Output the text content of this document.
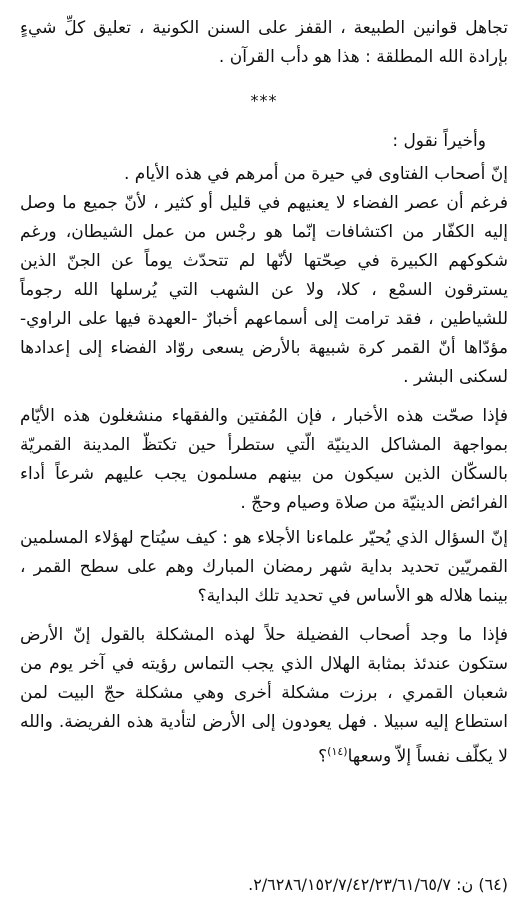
تجاهل قوانين الطبيعة ، القفز على السنن الكونية ، تعليق كلِّ شيءٍ بإرادة الله المطلقة : هذا هو دأب القرآن .

***

وأخيراً نقول :

إنّ أصحاب الفتاوى في حيرة من أمرهم في هذه الأيام .

فرغم أن عصر الفضاء لا يعنيهم في قليل أو كثير ، لأنّ جميع ما وصل إليه الكفّار من اكتشافات إنّما هو رجْس من عمل الشيطان، ورغم شكوكهم الكبيرة في صِحّتها لأنّها لم تتحدّث يوماً عن الجنّ الذين يسترقون السمْع ، كلا، ولا عن الشهب التي يُرسلها الله رجوماً للشياطين ، فقد ترامت إلى أسماعهم أخبارٌ -العهدة فيها على الراوي- مؤدّاها أنّ القمر كرة شبيهة بالأرض يسعى روّاد الفضاء إلى إعدادها لسكنى البشر .

فإذا صحّت هذه الأخبار ، فإن المُفتين والفقهاء منشغلون هذه الأيّام بمواجهة المشاكل الدينيّة الّتي ستطرأ حين تكتظّ المدينة القمريّة بالسكّان الذين سيكون من بينهم مسلمون يجب عليهم شرعاً أداء الفرائض الدينيّة من صلاة وصيام وحجّ .

إنّ السؤال الذي يُحيّر علماءنا الأجلاء هو : كيف سيُتاح لهؤلاء المسلمين القمريّين تحديد بداية شهر رمضان المبارك وهم على سطح القمر ، بينما هلاله هو الأساس في تحديد تلك البداية؟

فإذا ما وجد أصحاب الفضيلة حلاً لهذه المشكلة بالقول إنّ الأرض ستكون عندئذ بمثابة الهلال الذي يجب التماس رؤيته في آخر يوم من شعبان القمري ، برزت مشكلة أخرى وهي مشكلة حجّ البيت لمن استطاع إليه سبيلا . فهل يعودون إلى الأرض لتأدية هذه الفريضة. والله لا يكلّف نفساً إلاّ وسعها$^{(١٤)}$؟

(٦٤) ن: ٢/٦٢٨٦/١٥٢/٧/٤٢/٢٣/٦١/٦٥/٧.
